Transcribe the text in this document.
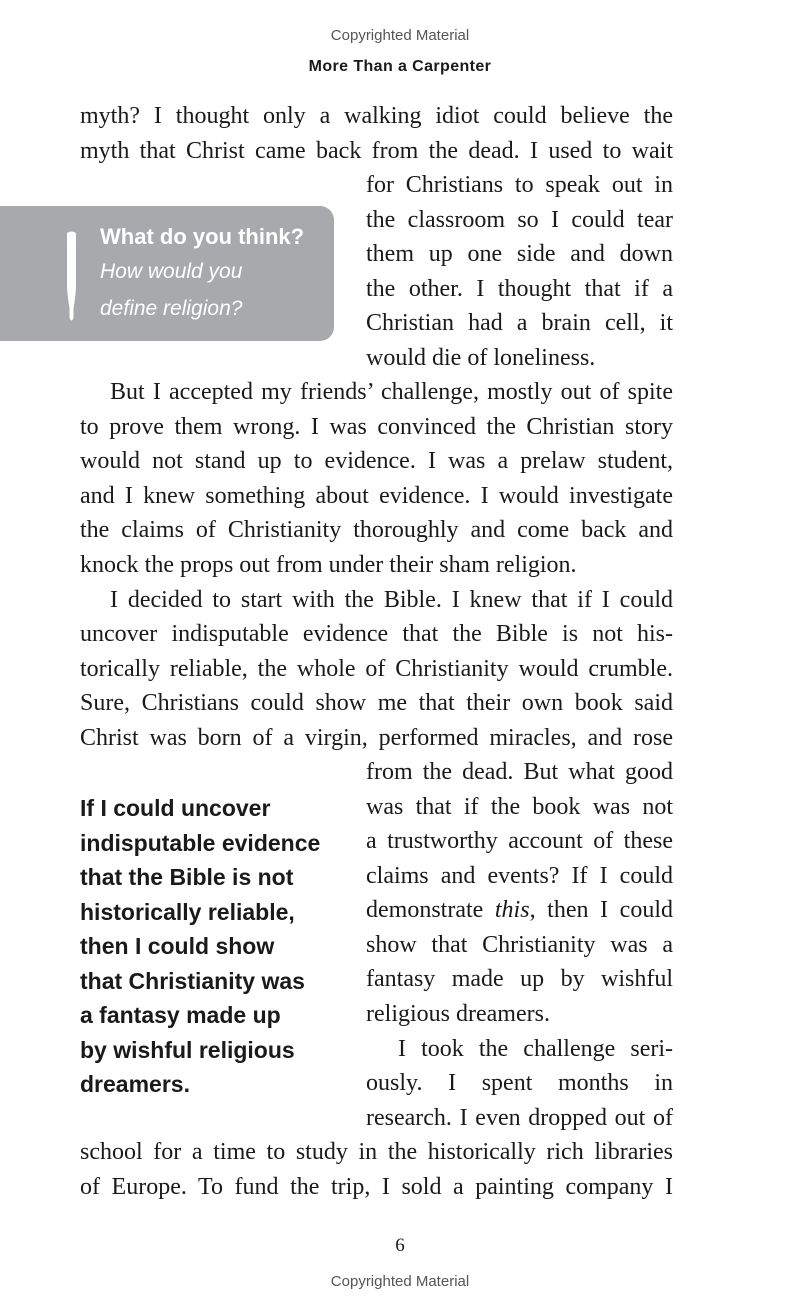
Copyrighted Material
More Than a Carpenter
What do you think?
How would you
define religion?
myth? I thought only a walking idiot could believe the
myth that Christ came back from the dead. I used to wait
for Christians to speak out in
the classroom so I could tear
them up one side and down
the other. I thought that if a
Christian had a brain cell, it
would die of loneliness.
But I accepted my friends’ challenge, mostly out of spite
to prove them wrong. I was convinced the Christian story
would not stand up to evidence. I was a prelaw student,
and I knew something about evidence. I would investigate
the claims of Christianity thoroughly and come back and
knock the props out from under their sham religion.
I decided to start with the Bible. I knew that if I could
uncover indisputable evidence that the Bible is not his-
torically reliable, the whole of Christianity would crumble.
Sure, Christians could show me that their own book said
Christ was born of a virgin, performed miracles, and rose
from the dead. But what good
was that if the book was not
a trustworthy account of these
claims and events? If I could
demonstrate this, then I could
show that Christianity was a
fantasy made up by wishful
religious dreamers.
I took the challenge seri-
ously. I spent months in
research. I even dropped out of
school for a time to study in the historically rich libraries
of Europe. To fund the trip, I sold a painting company I
If I could uncover
indisputable evidence
that the Bible is not
historically reliable,
then I could show
that Christianity was
a fantasy made up
by wishful religious
dreamers.
6
Copyrighted Material
